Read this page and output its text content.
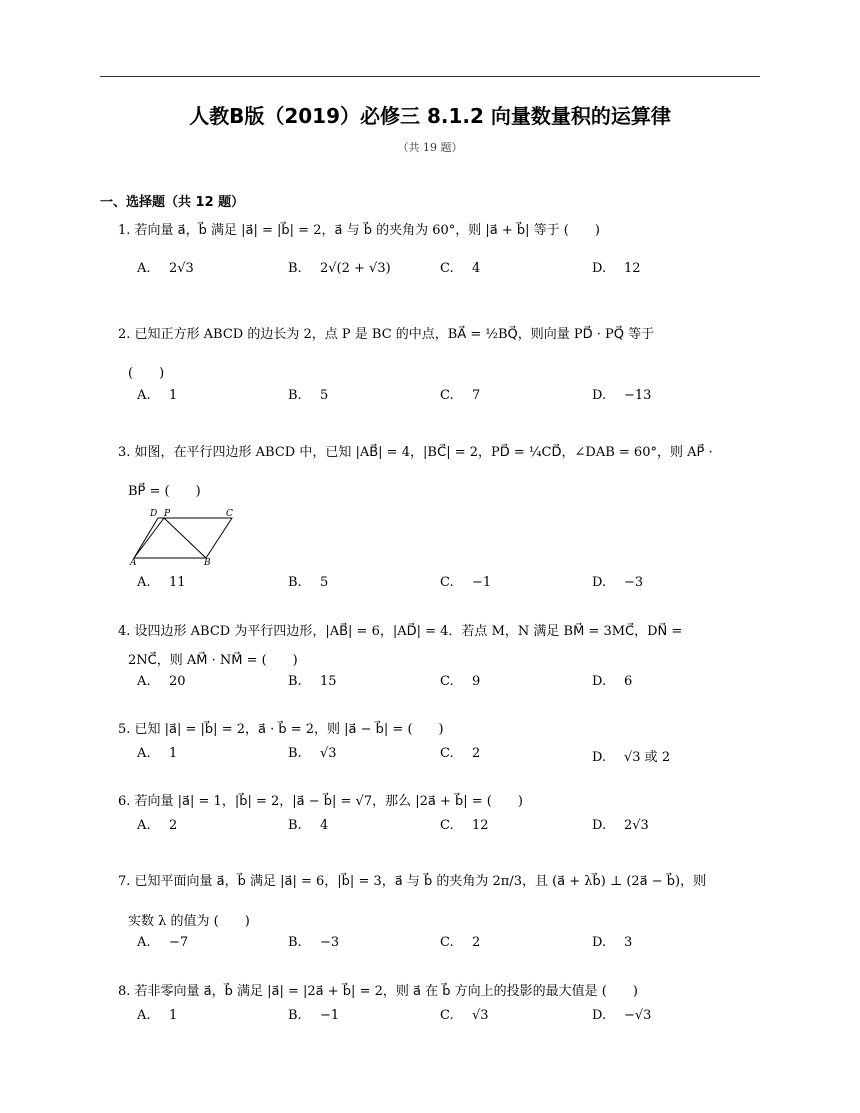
人教B版（2019）必修三 8.1.2 向量数量积的运算律
（共 19 题）
一、选择题（共 12 题）
1. 若向量 a⃗，b⃗ 满足 |a⃗| = |b⃗| = 2，a⃗ 与 b⃗ 的夹角为 60°，则 |a⃗ + b⃗| 等于 (　　)
A. 2√3	B. 2√(2 + √3)	C. 4	D. 12
2. 已知正方形 ABCD 的边长为 2，点 P 是 BC 的中点，BA⃗ = ½BQ⃗，则向量 PD⃗ · PQ⃗ 等于
(　　)
A. 1	B. 5	C. 7	D. −13
3. 如图，在平行四边形 ABCD 中，已知 |AB⃗| = 4，|BC⃗| = 2，PD⃗ = ¼CD⃗，∠DAB = 60°，则 AP⃗ ·
BP⃗ = (　　)
A	B
C
D P
A. 11	B. 5	C. −1	D. −3
4. 设四边形 ABCD 为平行四边形，|AB⃗| = 6，|AD⃗| = 4．若点 M，N 满足 BM⃗ = 3MC⃗，DN⃗ =
2NC⃗，则 AM⃗ · NM⃗ = (　　)
A. 20	B. 15	C. 9	D. 6
5. 已知 |a⃗| = |b⃗| = 2，a⃗ · b⃗ = 2，则 |a⃗ − b⃗| = (　　)
A. 1	B. √3	C. 2	D. √3 或 2
6. 若向量 |a⃗| = 1，|b⃗| = 2，|a⃗ − b⃗| = √7，那么 |2a⃗ + b⃗| = (　　)
A. 2	B. 4	C. 12	D. 2√3
7. 已知平面向量 a⃗，b⃗ 满足 |a⃗| = 6，|b⃗| = 3，a⃗ 与 b⃗ 的夹角为 2π/3，且 (a⃗ + λb⃗) ⊥ (2a⃗ − b⃗)，则
实数 λ 的值为 (　　)
A. −7	B. −3	C. 2	D. 3
8. 若非零向量 a⃗，b⃗ 满足 |a⃗| = |2a⃗ + b⃗| = 2，则 a⃗ 在 b⃗ 方向上的投影的最大值是 (　　)
A. 1	B. −1	C. √3	D. −√3
